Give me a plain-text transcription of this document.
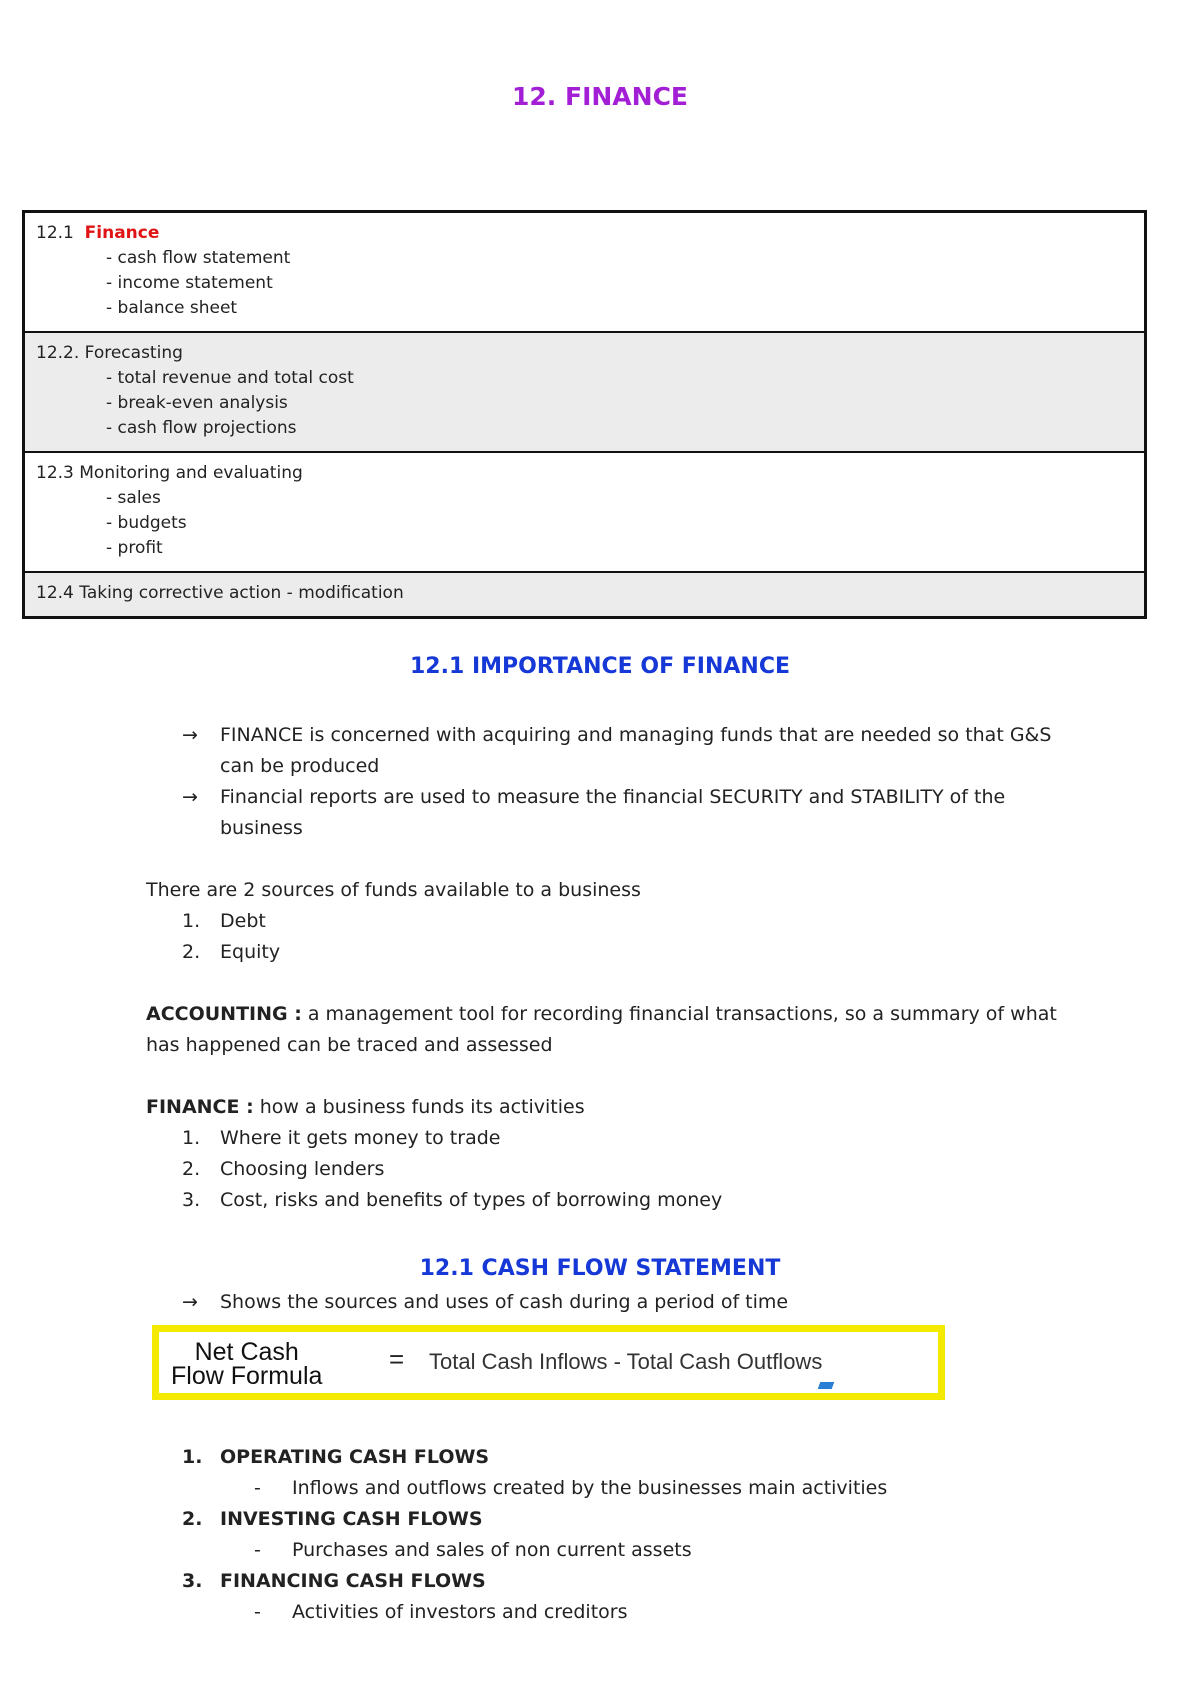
12. FINANCE
12.1 Finance
- cash flow statement
- income statement
- balance sheet
12.2. Forecasting
- total revenue and total cost
- break-even analysis
- cash flow projections
12.3 Monitoring and evaluating
- sales
- budgets
- profit
12.4 Taking corrective action - modification
12.1 IMPORTANCE OF FINANCE
→ FINANCE is concerned with acquiring and managing funds that are needed so that G&S can be produced
→ Financial reports are used to measure the financial SECURITY and STABILITY of the business
There are 2 sources of funds available to a business
1. Debt
2. Equity
ACCOUNTING : a management tool for recording financial transactions, so a summary of what has happened can be traced and assessed
FINANCE : how a business funds its activities
1. Where it gets money to trade
2. Choosing lenders
3. Cost, risks and benefits of types of borrowing money
12.1 CASH FLOW STATEMENT
→ Shows the sources and uses of cash during a period of time
Net Cash
Flow Formula
= Total Cash Inflows - Total Cash Outflows
1. OPERATING CASH FLOWS
- Inflows and outflows created by the businesses main activities
2. INVESTING CASH FLOWS
- Purchases and sales of non current assets
3. FINANCING CASH FLOWS
- Activities of investors and creditors
